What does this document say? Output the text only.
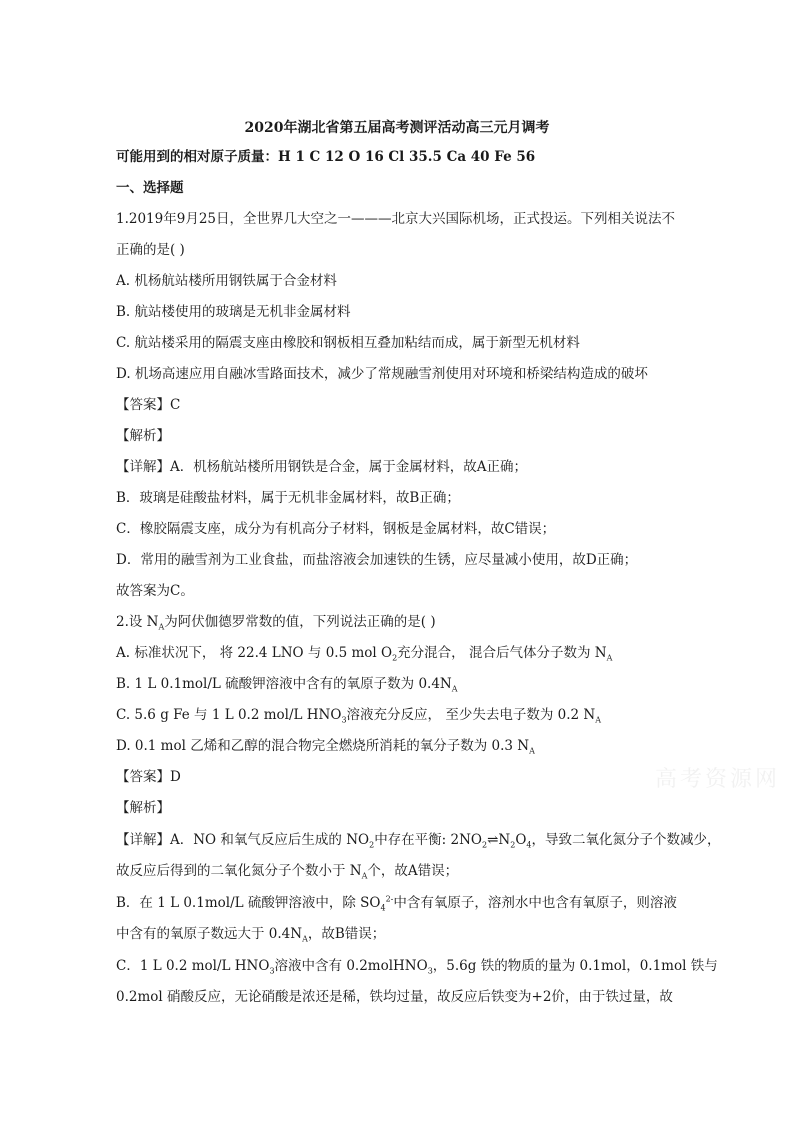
2020年湖北省第五届高考测评活动高三元月调考
可能用到的相对原子质量：H 1 C 12 O 16 Cl 35.5 Ca 40 Fe 56
一、选择题
1.2019年9月25日，全世界几大空之一———北京大兴国际机场，正式投运。下列相关说法不
正确的是( )
A. 机杨航站楼所用钢铁属于合金材料
B. 航站楼使用的玻璃是无机非金属材料
C. 航站楼采用的隔震支座由橡胶和钢板相互叠加粘结而成，属于新型无机材料
D. 机场高速应用自融冰雪路面技术，减少了常规融雪剂使用对环境和桥梁结构造成的破坏
【答案】C
【解析】
【详解】A．机杨航站楼所用钢铁是合金，属于金属材料，故A正确；
B．玻璃是硅酸盐材料，属于无机非金属材料，故B正确；
C．橡胶隔震支座，成分为有机高分子材料，钢板是金属材料，故C错误；
D．常用的融雪剂为工业食盐，而盐溶液会加速铁的生锈，应尽量减小使用，故D正确；
故答案为C。
2.设 $N_A$为阿伏伽德罗常数的值，下列说法正确的是( )
A. 标准状况下， 将 22.4 LNO 与 0.5 mol $O_2$充分混合， 混合后气体分子数为 $N_A$
B. 1 L 0.1mol/L 硫酸钾溶液中含有的氧原子数为 $0.4N_A$
C. 5.6 g Fe 与 1 L 0.2 mol/L $HNO_3$溶液充分反应， 至少失去电子数为 0.2 $N_A$
D. 0.1 mol 乙烯和乙醇的混合物完全燃烧所消耗的氧分子数为 0.3 $N_A$
【答案】D
【解析】
【详解】A．NO 和氧气反应后生成的 $NO_2$中存在平衡: $2NO_2\rightleftharpoons N_2O_4$，导致二氧化氮分子个数减少，
故反应后得到的二氧化氮分子个数小于 $N_A$个，故A错误；
B．在 1 L 0.1mol/L 硫酸钾溶液中，除 $SO_4^{2-}$中含有氧原子，溶剂水中也含有氧原子，则溶液
中含有的氧原子数远大于 $0.4N_A$，故B错误；
C．1 L 0.2 mol/L $HNO_3$溶液中含有 0.2molHNO$_3$，5.6g 铁的物质的量为 0.1mol，0.1mol 铁与
0.2mol 硝酸反应，无论硝酸是浓还是稀，铁均过量，故反应后铁变为+2价，由于铁过量，故
高考资源网
